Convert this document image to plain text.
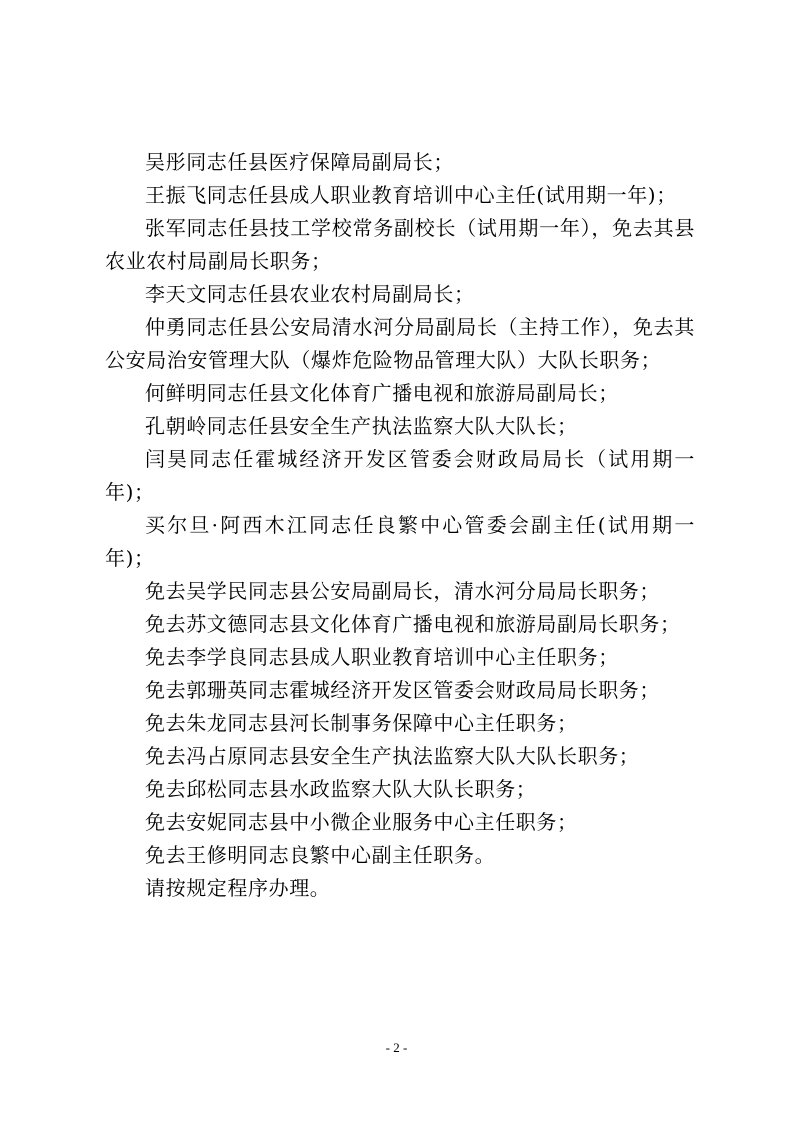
吴彤同志任县医疗保障局副局长；

王振飞同志任县成人职业教育培训中心主任(试用期一年)；

张军同志任县技工学校常务副校长（试用期一年），免去其县农业农村局副局长职务；

李天文同志任县农业农村局副局长；

仲勇同志任县公安局清水河分局副局长（主持工作），免去其公安局治安管理大队（爆炸危险物品管理大队）大队长职务；

何鲜明同志任县文化体育广播电视和旅游局副局长；

孔朝岭同志任县安全生产执法监察大队大队长；

闫昊同志任霍城经济开发区管委会财政局局长（试用期一年)；

买尔旦·阿西木江同志任良繁中心管委会副主任(试用期一年)；

免去吴学民同志县公安局副局长，清水河分局局长职务；

免去苏文德同志县文化体育广播电视和旅游局副局长职务；

免去李学良同志县成人职业教育培训中心主任职务；

免去郭珊英同志霍城经济开发区管委会财政局局长职务；

免去朱龙同志县河长制事务保障中心主任职务；

免去冯占原同志县安全生产执法监察大队大队长职务；

免去邱松同志县水政监察大队大队长职务；

免去安妮同志县中小微企业服务中心主任职务；

免去王修明同志良繁中心副主任职务。

请按规定程序办理。

- 2 -
